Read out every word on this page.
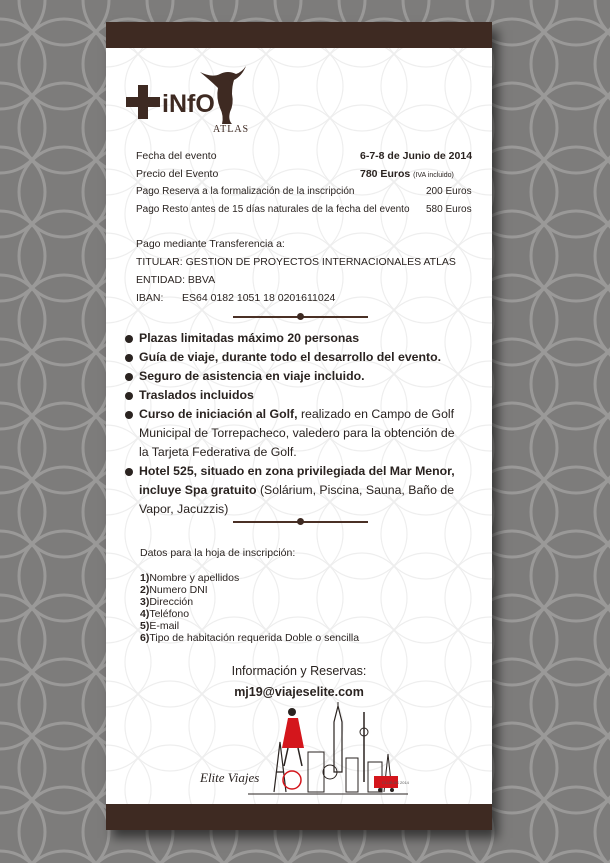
iNfO
ATLAS
Fecha del evento	6-7-8 de Junio de 2014
Precio del Evento	780 Euros (IVA incluido)
Pago Reserva a la formalización de la inscripción	200 Euros
Pago Resto antes de 15 días naturales de la fecha del evento 580 Euros
Pago mediante Transferencia a:
TITULAR: GESTION DE PROYECTOS INTERNACIONALES ATLAS
ENTIDAD: BBVA
IBAN: ES64 0182 1051 18 0201611024
Plazas limitadas máximo 20 personas
Guía de viaje, durante todo el desarrollo del evento.
Seguro de asistencia en viaje incluido.
Traslados incluidos
Curso de iniciación al Golf, realizado en Campo de Golf
Municipal de Torrepacheco, valedero para la obtención de
la Tarjeta Federativa de Golf.
Hotel 525, situado en zona privilegiada del Mar Menor,
incluye Spa gratuito (Solárium, Piscina, Sauna, Baño de
Vapor, Jacuzzis)
Datos para la hoja de inscripción:
1)Nombre y apellidos
2)Numero DNI
3)Dirección
4)Teléfono
5)E-mail
6)Tipo de habitación requerida Doble o sencilla
Información y Reservas:
mj19@viajeselite.com
Elite Viajes	CLUB AS 2014
